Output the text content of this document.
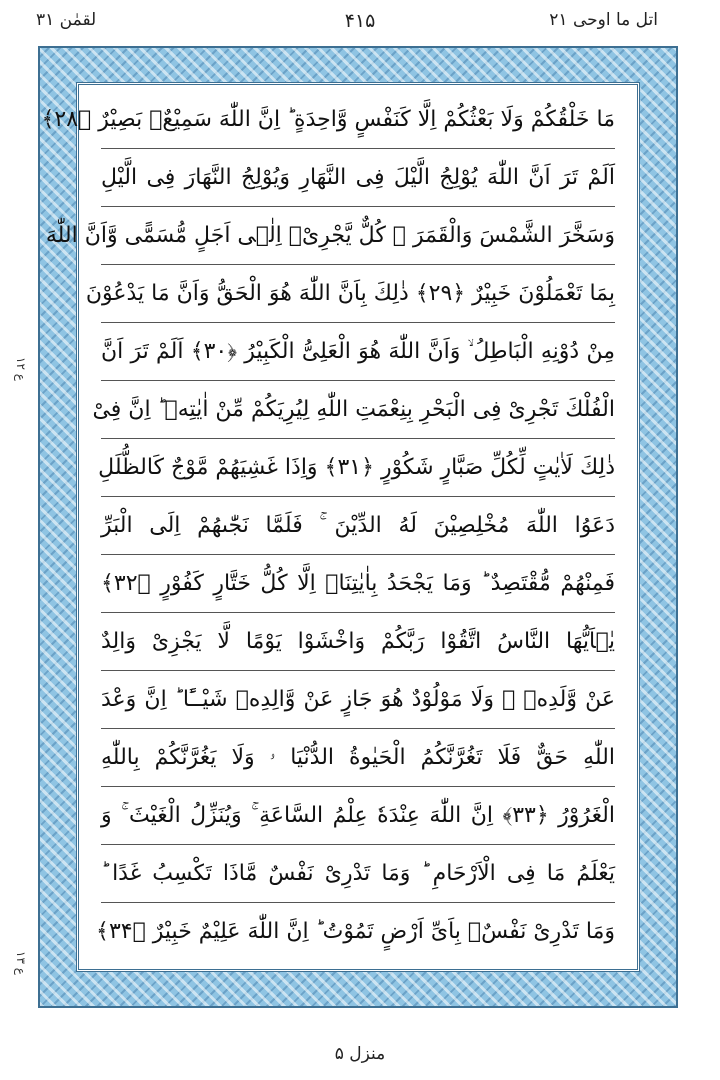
اتل ما اوحی ۲۱
۴۱۵
لقمٰن ۳۱
ع ۱۲
ع ۱۳
مَا خَلْقُكُمْ وَلَا بَعْثُكُمْ اِلَّا كَنَفْسٍ وَّاحِدَةٍ ؕ اِنَّ اللّٰهَ سَمِيْعٌۢ بَصِيْرٌ ﴿۲۸﴾
اَلَمْ تَرَ اَنَّ اللّٰهَ يُوْلِجُ الَّيْلَ فِى النَّهَارِ وَيُوْلِجُ النَّهَارَ فِى الَّيْلِ
وَسَخَّرَ الشَّمْسَ وَالْقَمَرَ ؗ كُلٌّ يَّجْرِىْۤ اِلٰۤى اَجَلٍ مُّسَمًّى وَّاَنَّ اللّٰهَ
بِمَا تَعْمَلُوْنَ خَبِيْرٌ ﴿۲۹﴾ ذٰلِكَ بِاَنَّ اللّٰهَ هُوَ الْحَقُّ وَاَنَّ مَا يَدْعُوْنَ
مِنْ دُوْنِهِ الْبَاطِلُ ۙ وَاَنَّ اللّٰهَ هُوَ الْعَلِىُّ الْكَبِيْرُ ﴿۳۰﴾ اَلَمْ تَرَ اَنَّ
الْفُلْكَ تَجْرِىْ فِى الْبَحْرِ بِنِعْمَتِ اللّٰهِ لِيُرِيَكُمْ مِّنْ اٰيٰتِهٖ ؕ اِنَّ فِىْ
ذٰلِكَ لَاٰيٰتٍ لِّكُلِّ صَبَّارٍ شَكُوْرٍ ﴿۳۱﴾ وَاِذَا غَشِيَهُمْ مَّوْجٌ كَالظُّلَلِ
دَعَوُا اللّٰهَ مُخْلِصِيْنَ لَهُ الدِّيْنَ ۚ فَلَمَّا نَجّٰىهُمْ اِلَى الْبَرِّ
فَمِنْهُمْ مُّقْتَصِدٌ ؕ وَمَا يَجْحَدُ بِاٰيٰتِنَاۤ اِلَّا كُلُّ خَتَّارٍ كَفُوْرٍ ﴿۳۲﴾
يٰۤاَيُّهَا النَّاسُ اتَّقُوْا رَبَّكُمْ وَاخْشَوْا يَوْمًا لَّا يَجْزِىْ وَالِدٌ
عَنْ وَّلَدِهٖ ۖ وَلَا مَوْلُوْدٌ هُوَ جَازٍ عَنْ وَّالِدِهٖ شَيْــًٔا ؕ اِنَّ وَعْدَ
اللّٰهِ حَقٌّ فَلَا تَغُرَّنَّكُمُ الْحَيٰوةُ الدُّنْيَا ۥ وَلَا يَغُرَّنَّكُمْ بِاللّٰهِ
الْغَرُوْرُ ﴿۳۳﴾ اِنَّ اللّٰهَ عِنْدَهٗ عِلْمُ السَّاعَةِ ۚ وَيُنَزِّلُ الْغَيْثَ ۚ وَ
يَعْلَمُ مَا فِى الْاَرْحَامِ ؕ وَمَا تَدْرِىْ نَفْسٌ مَّاذَا تَكْسِبُ غَدًا ؕ
وَمَا تَدْرِىْ نَفْسٌۢ بِاَىِّ اَرْضٍ تَمُوْتُ ؕ اِنَّ اللّٰهَ عَلِيْمٌ خَبِيْرٌ ﴿۳۴﴾
منزل ۵
